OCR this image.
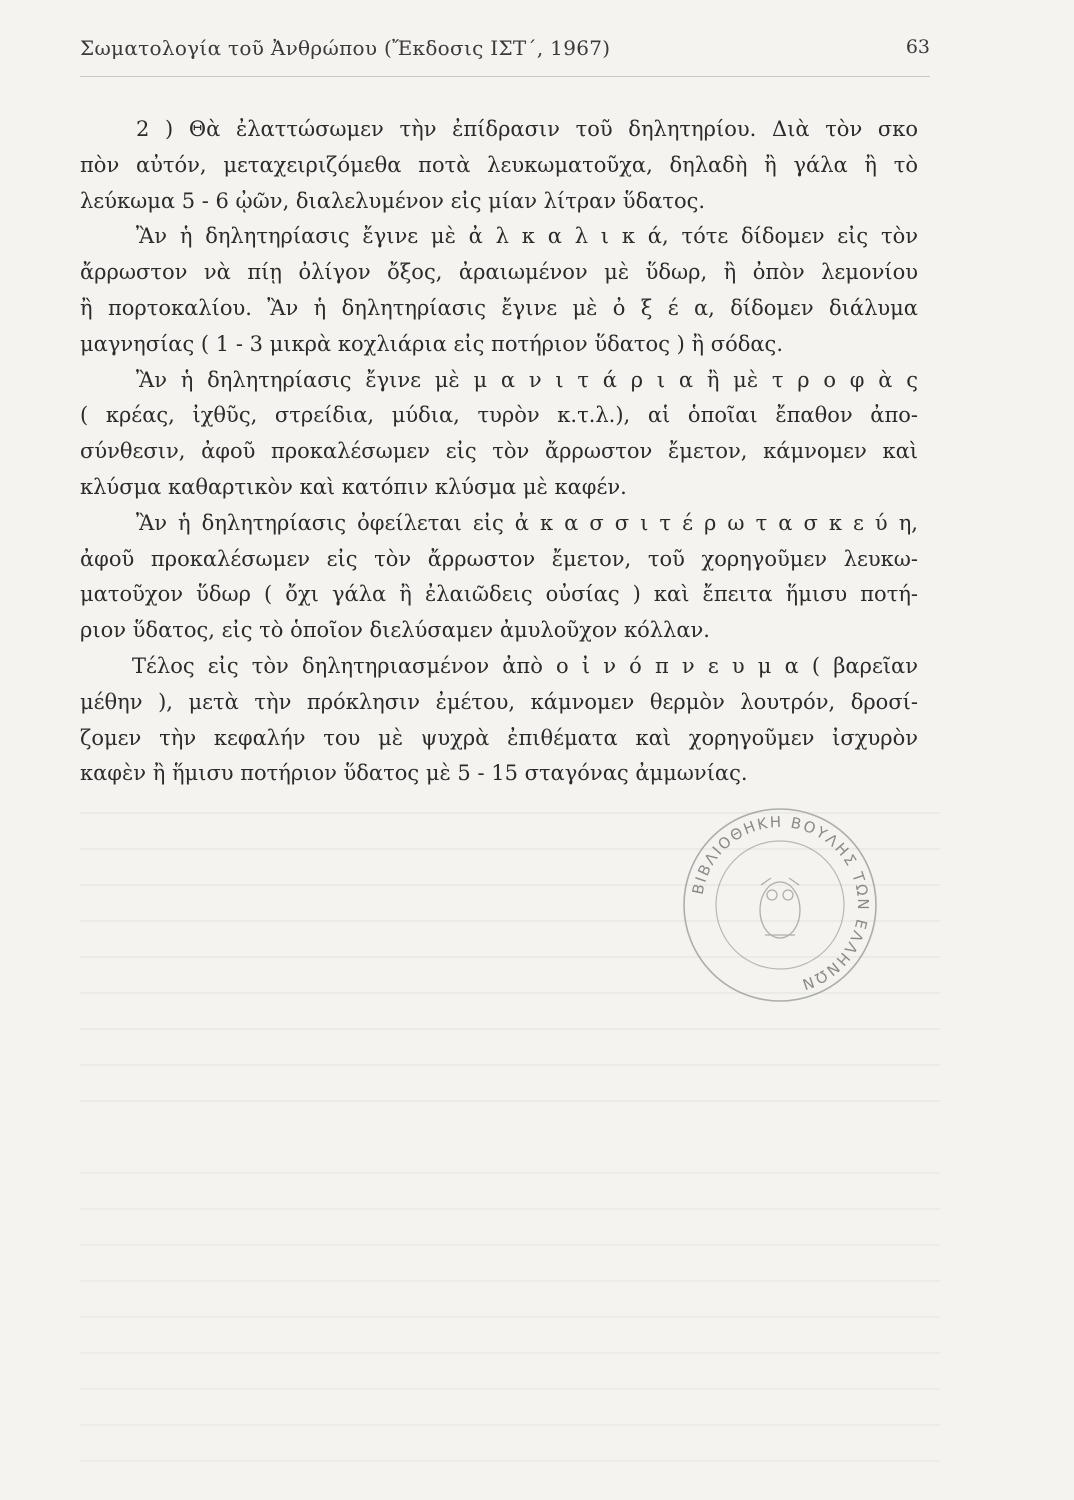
Σωματολογία τοῦ Ἀνθρώπου (Ἔκδοσις ΙΣΤ΄, 1967)	63
2 ) Θὰ ἐλαττώσωμεν τὴν ἐπίδρασιν τοῦ δηλητηρίου. Διὰ τὸν σκο
πὸν αὐτόν, μεταχειριζόμεθα ποτὰ λευκωματοῦχα, δηλαδὴ ἢ γάλα ἢ τὸ
λεύκωμα 5 - 6 ᾠῶν, διαλελυμένον εἰς μίαν λίτραν ὕδατος.
Ἂν ἡ δηλητηρίασις ἔγινε μὲ ἀ λ κ α λ ι κ ά, τότε δίδομεν εἰς τὸν
ἄρρωστον νὰ πίῃ ὀλίγον ὄξος, ἀραιωμένον μὲ ὕδωρ, ἢ ὀπὸν λεμονίου
ἢ πορτοκαλίου. Ἂν ἡ δηλητηρίασις ἔγινε μὲ ὀ ξ έ α, δίδομεν διάλυμα
μαγνησίας ( 1 - 3 μικρὰ κοχλιάρια εἰς ποτήριον ὕδατος ) ἢ σόδας.
Ἂν ἡ δηλητηρίασις ἔγινε μὲ μ α ν ι τ ά ρ ι α ἢ μὲ τ ρ ο φ ὰ ς
( κρέας, ἰχθῦς, στρείδια, μύδια, τυρὸν κ.τ.λ.), αἱ ὁποῖαι ἔπαθον ἀπο-
σύνθεσιν, ἀφοῦ προκαλέσωμεν εἰς τὸν ἄρρωστον ἔμετον, κάμνομεν καὶ
κλύσμα καθαρτικὸν καὶ κατόπιν κλύσμα μὲ καφέν.
Ἂν ἡ δηλητηρίασις ὀφείλεται εἰς ἀ κ α σ σ ι τ έ ρ ω τ α σ κ ε ύ η,
ἀφοῦ προκαλέσωμεν εἰς τὸν ἄρρωστον ἔμετον, τοῦ χορηγοῦμεν λευκω-
ματοῦχον ὕδωρ ( ὄχι γάλα ἢ ἐλαιῶδεις οὐσίας ) καὶ ἔπειτα ἥμισυ ποτή-
ριον ὕδατος, εἰς τὸ ὁποῖον διελύσαμεν ἀμυλοῦχον κόλλαν.
Τέλος εἰς τὸν δηλητηριασμένον ἀπὸ ο ἰ ν ό π ν ε υ μ α ( βαρεῖαν
μέθην ), μετὰ τὴν πρόκλησιν ἐμέτου, κάμνομεν θερμὸν λουτρόν, δροσί-
ζομεν τὴν κεφαλήν του μὲ ψυχρὰ ἐπιθέματα καὶ χορηγοῦμεν ἰσχυρὸν
καφὲν ἢ ἥμισυ ποτήριον ὕδατος μὲ 5 - 15 σταγόνας ἀμμωνίας.
ΒΙΒΛΙΟΘΗΚΗ ΒΟΥΛΗΣ ΤΩΝ ΕΛΛΗΝΩΝ
